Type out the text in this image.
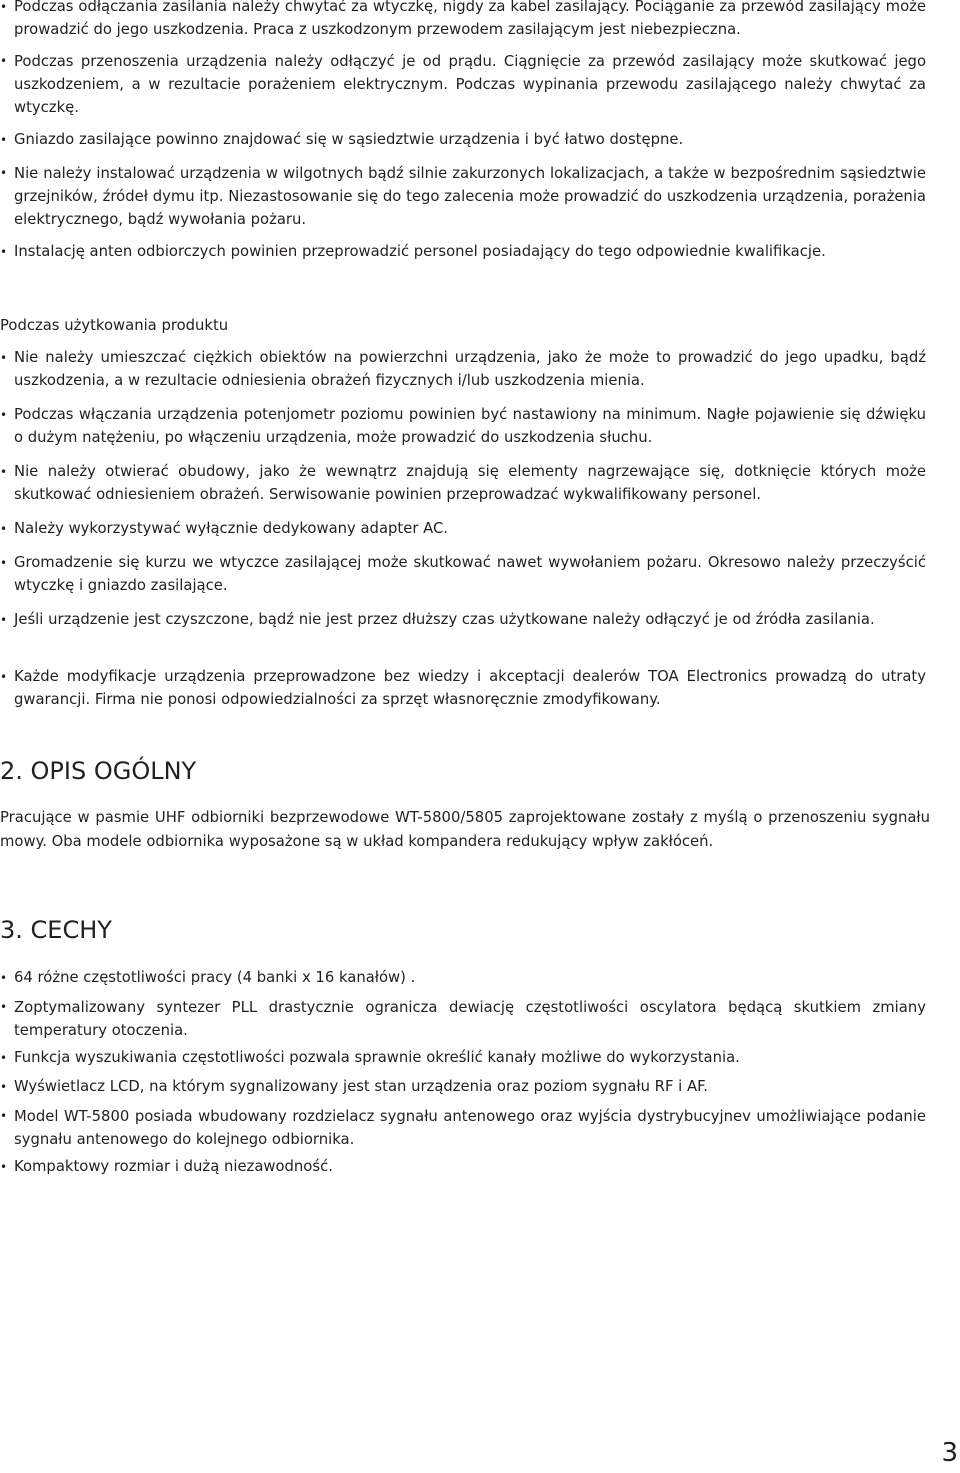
• Podczas odłączania zasilania należy chwytać za wtyczkę, nigdy za kabel zasilający. Pociąganie za przewód zasilający może prowadzić do jego uszkodzenia. Praca z uszkodzonym przewodem zasilającym jest niebezpieczna.
• Podczas przenoszenia urządzenia należy odłączyć je od prądu. Ciągnięcie za przewód zasilający może skutkować jego uszkodzeniem, a w rezultacie porażeniem elektrycznym. Podczas wypinania przewodu zasilającego należy chwytać za wtyczkę.
• Gniazdo zasilające powinno znajdować się w sąsiedztwie urządzenia i być łatwo dostępne.
• Nie należy instalować urządzenia w wilgotnych bądź silnie zakurzonych lokalizacjach, a także w bezpośrednim sąsiedztwie grzejników, źródeł dymu itp. Niezastosowanie się do tego zalecenia może prowadzić do uszkodzenia urządzenia, porażenia elektrycznego, bądź wywołania pożaru.
• Instalację anten odbiorczych powinien przeprowadzić personel posiadający do tego odpowiednie kwalifikacje.
Podczas użytkowania produktu
• Nie należy umieszczać ciężkich obiektów na powierzchni urządzenia, jako że może to prowadzić do jego upadku, bądź uszkodzenia, a w rezultacie odniesienia obrażeń fizycznych i/lub uszkodzenia mienia.
• Podczas włączania urządzenia potenjometr poziomu powinien być nastawiony na minimum. Nagłe pojawienie się dźwięku o dużym natężeniu, po włączeniu urządzenia, może prowadzić do uszkodzenia słuchu.
• Nie należy otwierać obudowy, jako że wewnątrz znajdują się elementy nagrzewające się, dotknięcie których może skutkować odniesieniem obrażeń. Serwisowanie powinien przeprowadzać wykwalifikowany personel.
• Należy wykorzystywać wyłącznie dedykowany adapter AC.
• Gromadzenie się kurzu we wtyczce zasilającej może skutkować nawet wywołaniem pożaru. Okresowo należy przeczyścić wtyczkę i gniazdo zasilające.
• Jeśli urządzenie jest czyszczone, bądź nie jest przez dłuższy czas użytkowane należy odłączyć je od źródła zasilania.
• Każde modyfikacje urządzenia przeprowadzone bez wiedzy i akceptacji dealerów TOA Electronics prowadzą do utraty gwarancji. Firma nie ponosi odpowiedzialności za sprzęt własnoręcznie zmodyfikowany.
2. OPIS OGÓLNY
Pracujące w pasmie UHF odbiorniki bezprzewodowe WT-5800/5805 zaprojektowane zostały z myślą o przenoszeniu sygnału mowy. Oba modele odbiornika wyposażone są w układ kompandera redukujący wpływ zakłóceń.
3. CECHY
• 64 różne częstotliwości pracy (4 banki x 16 kanałów) .
• Zoptymalizowany syntezer PLL drastycznie ogranicza dewiację częstotliwości oscylatora będącą skutkiem zmiany temperatury otoczenia.
• Funkcja wyszukiwania częstotliwości pozwala sprawnie określić kanały możliwe do wykorzystania.
• Wyświetlacz LCD, na którym sygnalizowany jest stan urządzenia oraz poziom sygnału RF i AF.
• Model WT-5800 posiada wbudowany rozdzielacz sygnału antenowego oraz wyjścia dystrybucyjnev umożliwiające podanie sygnału antenowego do kolejnego odbiornika.
• Kompaktowy rozmiar i dużą niezawodność.
3
